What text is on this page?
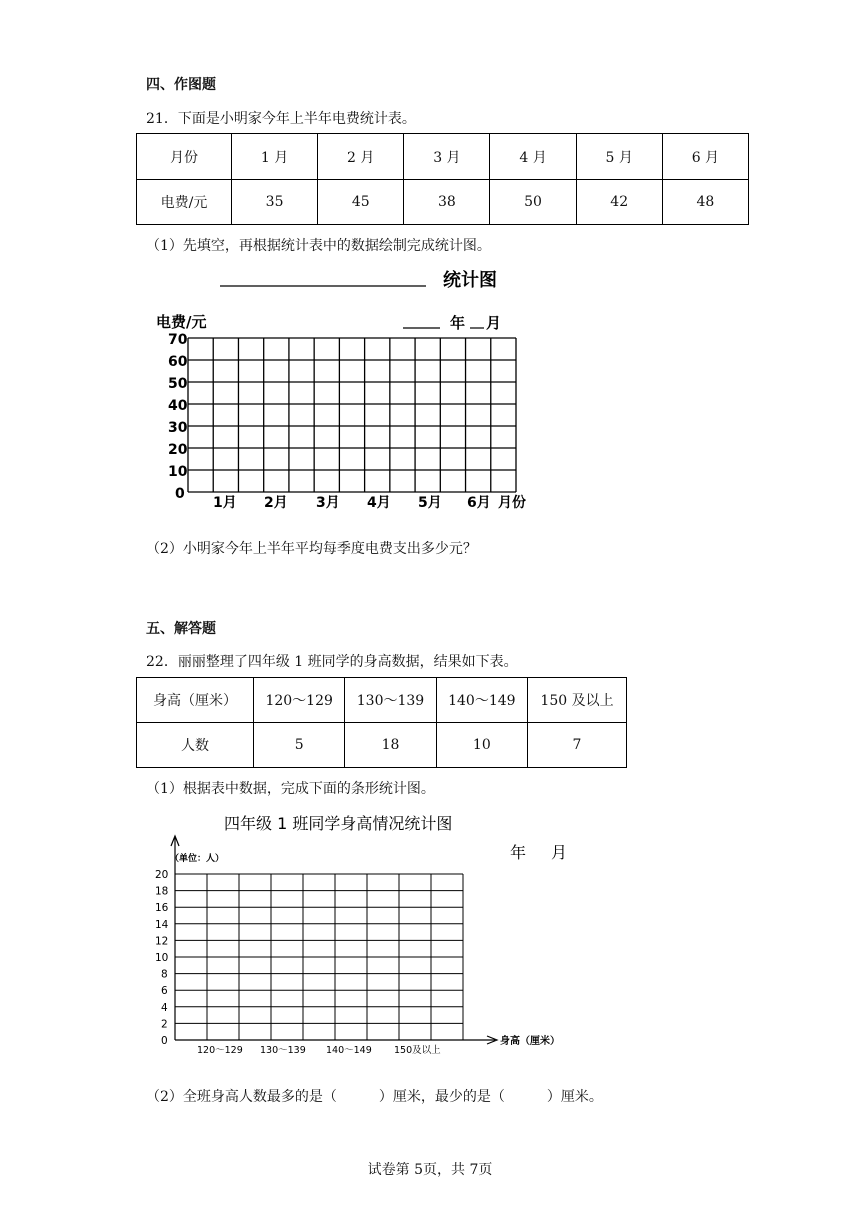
四、作图题
21．下面是小明家今年上半年电费统计表。
月份	1 月	2 月	3 月	4 月	5 月	6 月
电费/元	35	45	38	50	42	48
（1）先填空，再根据统计表中的数据绘制完成统计图。
统计图
电费/元	年 月
70
60
50
40
30
20
10
0
1月 2月 3月 4月 5月 6月 月份
（2）小明家今年上半年平均每季度电费支出多少元？
五、解答题
22．丽丽整理了四年级 1 班同学的身高数据，结果如下表。
身高（厘米）	120～129	130～139	140～149	150 及以上
人数	5	18	10	7
（1）根据表中数据，完成下面的条形统计图。
四年级 1 班同学身高情况统计图
年 月
（单位：人）
20
18
16
14
12
10
8
6
4
2
0
120～129 130～139 140～149 150及以上
身高（厘米）
（2）全班身高人数最多的是（	）厘米，最少的是（	）厘米。
试卷第 5页，共 7页
